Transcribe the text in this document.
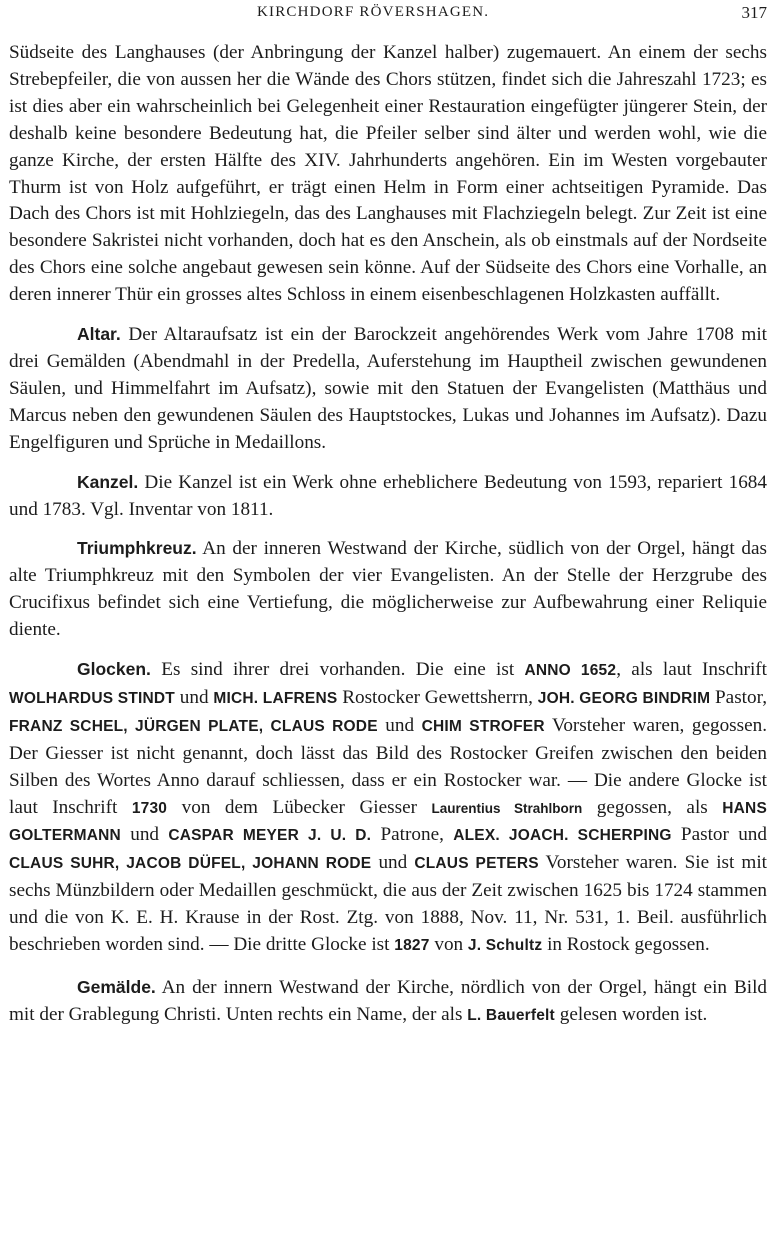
KIRCHDORF RÖVERSHAGEN.	317

Südseite des Langhauses (der Anbringung der Kanzel halber) zugemauert. An einem der sechs Strebepfeiler, die von aussen her die Wände des Chors stützen, findet sich die Jahreszahl 1723; es ist dies aber ein wahrscheinlich bei Gelegenheit einer Restauration eingefügter jüngerer Stein, der deshalb keine besondere Bedeutung hat, die Pfeiler selber sind älter und werden wohl, wie die ganze Kirche, der ersten Hälfte des XIV. Jahrhunderts angehören. Ein im Westen vorgebauter Thurm ist von Holz aufgeführt, er trägt einen Helm in Form einer achtseitigen Pyramide. Das Dach des Chors ist mit Hohlziegeln, das des Langhauses mit Flachziegeln belegt. Zur Zeit ist eine besondere Sakristei nicht vorhanden, doch hat es den Anschein, als ob einstmals auf der Nordseite des Chors eine solche angebaut gewesen sein könne. Auf der Südseite des Chors eine Vorhalle, an deren innerer Thür ein grosses altes Schloss in einem eisenbeschlagenen Holzkasten auffällt.

Altar. Der Altaraufsatz ist ein der Barockzeit angehörendes Werk vom Jahre 1708 mit drei Gemälden (Abendmahl in der Predella, Auferstehung im Hauptheil zwischen gewundenen Säulen, und Himmelfahrt im Aufsatz), sowie mit den Statuen der Evangelisten (Matthäus und Marcus neben den gewundenen Säulen des Hauptstockes, Lukas und Johannes im Aufsatz). Dazu Engelfiguren und Sprüche in Medaillons.

Kanzel. Die Kanzel ist ein Werk ohne erheblichere Bedeutung von 1593, repariert 1684 und 1783. Vgl. Inventar von 1811.

Triumphkreuz. An der inneren Westwand der Kirche, südlich von der Orgel, hängt das alte Triumphkreuz mit den Symbolen der vier Evangelisten. An der Stelle der Herzgrube des Crucifixus befindet sich eine Vertiefung, die möglicherweise zur Aufbewahrung einer Reliquie diente.

Glocken. Es sind ihrer drei vorhanden. Die eine ist ANNO 1652, als laut Inschrift WOLHARDUS STINDT und MICH. LAFRENS Rostocker Gewettsherrn, JOH. GEORG BINDRIM Pastor, FRANZ SCHEL, JÜRGEN PLATE, CLAUS RODE und CHIM STROFER Vorsteher waren, gegossen. Der Giesser ist nicht genannt, doch lässt das Bild des Rostocker Greifen zwischen den beiden Silben des Wortes Anno darauf schliessen, dass er ein Rostocker war. — Die andere Glocke ist laut Inschrift 1730 von dem Lübecker Giesser Laurentius Strahlborn gegossen, als HANS GOLTERMANN und CASPAR MEYER J. U. D. Patrone, ALEX. JOACH. SCHERPING Pastor und CLAUS SUHR, JACOB DÜFEL, JOHANN RODE und CLAUS PETERS Vorsteher waren. Sie ist mit sechs Münzbildern oder Medaillen geschmückt, die aus der Zeit zwischen 1625 bis 1724 stammen und die von K. E. H. Krause in der Rost. Ztg. von 1888, Nov. 11, Nr. 531, 1. Beil. ausführlich beschrieben worden sind. — Die dritte Glocke ist 1827 von J. Schultz in Rostock gegossen.

Gemälde. An der innern Westwand der Kirche, nördlich von der Orgel, hängt ein Bild mit der Grablegung Christi. Unten rechts ein Name, der als L. Bauerfelt gelesen worden ist.
